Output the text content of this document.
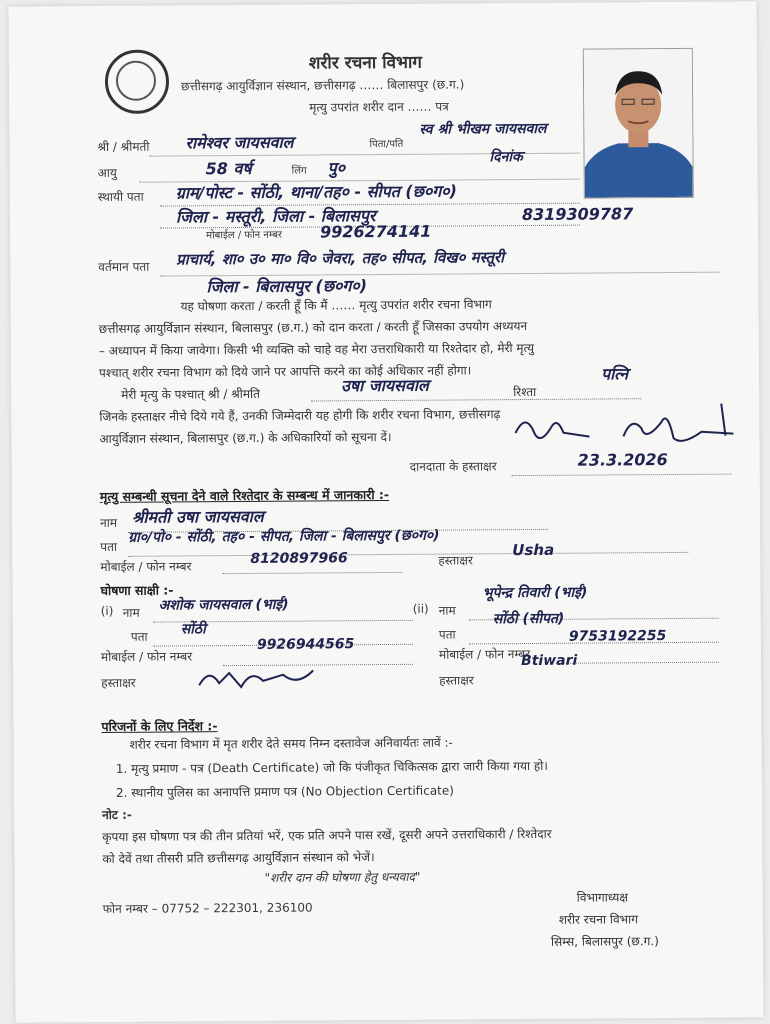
शरीर रचना विभाग
छत्तीसगढ़ आयुर्विज्ञान संस्थान, छत्तीसगढ़ …… बिलासपुर (छ.ग.)
मृत्यु उपरांत शरीर दान …… पत्र
श्री / श्रीमती रामेश्वर जायसवाल	पिता/पति
स्व श्री भीखम जायसवाल
आयु	58 वर्ष	लिंग पु०
दिनांक
स्थायी पता ग्राम/पोस्ट - सोंठी, थाना/तह० - सीपत (छ०ग०)
जिला - मस्तूरी, जिला - बिलासपुर	8319309787
मोबाईल / फोन नम्बर 9926274141
वर्तमान पता प्राचार्य, शा० उ० मा० वि० जेवरा, तह० सीपत, विख० मस्तूरी
जिला - बिलासपुर (छ०ग०)
यह घोषणा करता / करती हूँ कि मैं …… मृत्यु उपरांत शरीर रचना विभाग
छत्तीसगढ़ आयुर्विज्ञान संस्थान, बिलासपुर (छ.ग.) को दान करता / करती हूँ जिसका उपयोग अध्ययन
– अध्यापन में किया जावेगा। किसी भी व्यक्ति को चाहे वह मेरा उत्तराधिकारी या रिश्तेदार हो, मेरी मृत्यु
पश्चात् शरीर रचना विभाग को दिये जाने पर आपत्ति करने का कोई अधिकार नहीं होगा।
मेरी मृत्यु के पश्चात् श्री / श्रीमति	उषा जायसवाल	रिश्ता
पत्नि
जिनके हस्ताक्षर नीचे दिये गये हैं, उनकी जिम्मेदारी यह होगी कि शरीर रचना विभाग, छत्तीसगढ़
आयुर्विज्ञान संस्थान, बिलासपुर (छ.ग.) के अधिकारियों को सूचना दें।
दानदाता के हस्ताक्षर	23.3.2026
मृत्यु सम्बन्धी सूचना देने वाले रिश्तेदार के सम्बन्ध में जानकारी :-
नाम श्रीमती उषा जायसवाल
पता
ग्रा०/पो० - सोंठी, तह० - सीपत, जिला - बिलासपुर (छ०ग०)
मोबाईल / फोन नम्बर	8120897966	हस्ताक्षर
Usha
घोषणा साक्षी :-
(i) नाम अशोक जायसवाल (भाई)
पता सोंठी
मोबाईल / फोन नम्बर
9926944565
हस्ताक्षर
(ii) नाम
भूपेन्द्र तिवारी (भाई)
पता
सोंठी (सीपत)
मोबाईल / फोन नम्बर
9753192255
हस्ताक्षर
Btiwari
परिजनों के लिए निर्देश :-
शरीर रचना विभाग में मृत शरीर देते समय निम्न दस्तावेज अनिवार्यतः लावें :-
1. मृत्यु प्रमाण - पत्र (Death Certificate) जो कि पंजीकृत चिकित्सक द्वारा जारी किया गया हो।
2. स्थानीय पुलिस का अनापत्ति प्रमाण पत्र (No Objection Certificate)
नोट :-
कृपया इस घोषणा पत्र की तीन प्रतियां भरें, एक प्रति अपने पास रखें, दूसरी अपने उत्तराधिकारी / रिश्तेदार
को देवें तथा तीसरी प्रति छत्तीसगढ़ आयुर्विज्ञान संस्थान को भेजें।
"शरीर दान की घोषणा हेतु धन्यवाद"
फोन नम्बर – 07752 – 222301, 236100
विभागाध्यक्ष
शरीर रचना विभाग
सिम्स, बिलासपुर (छ.ग.)
